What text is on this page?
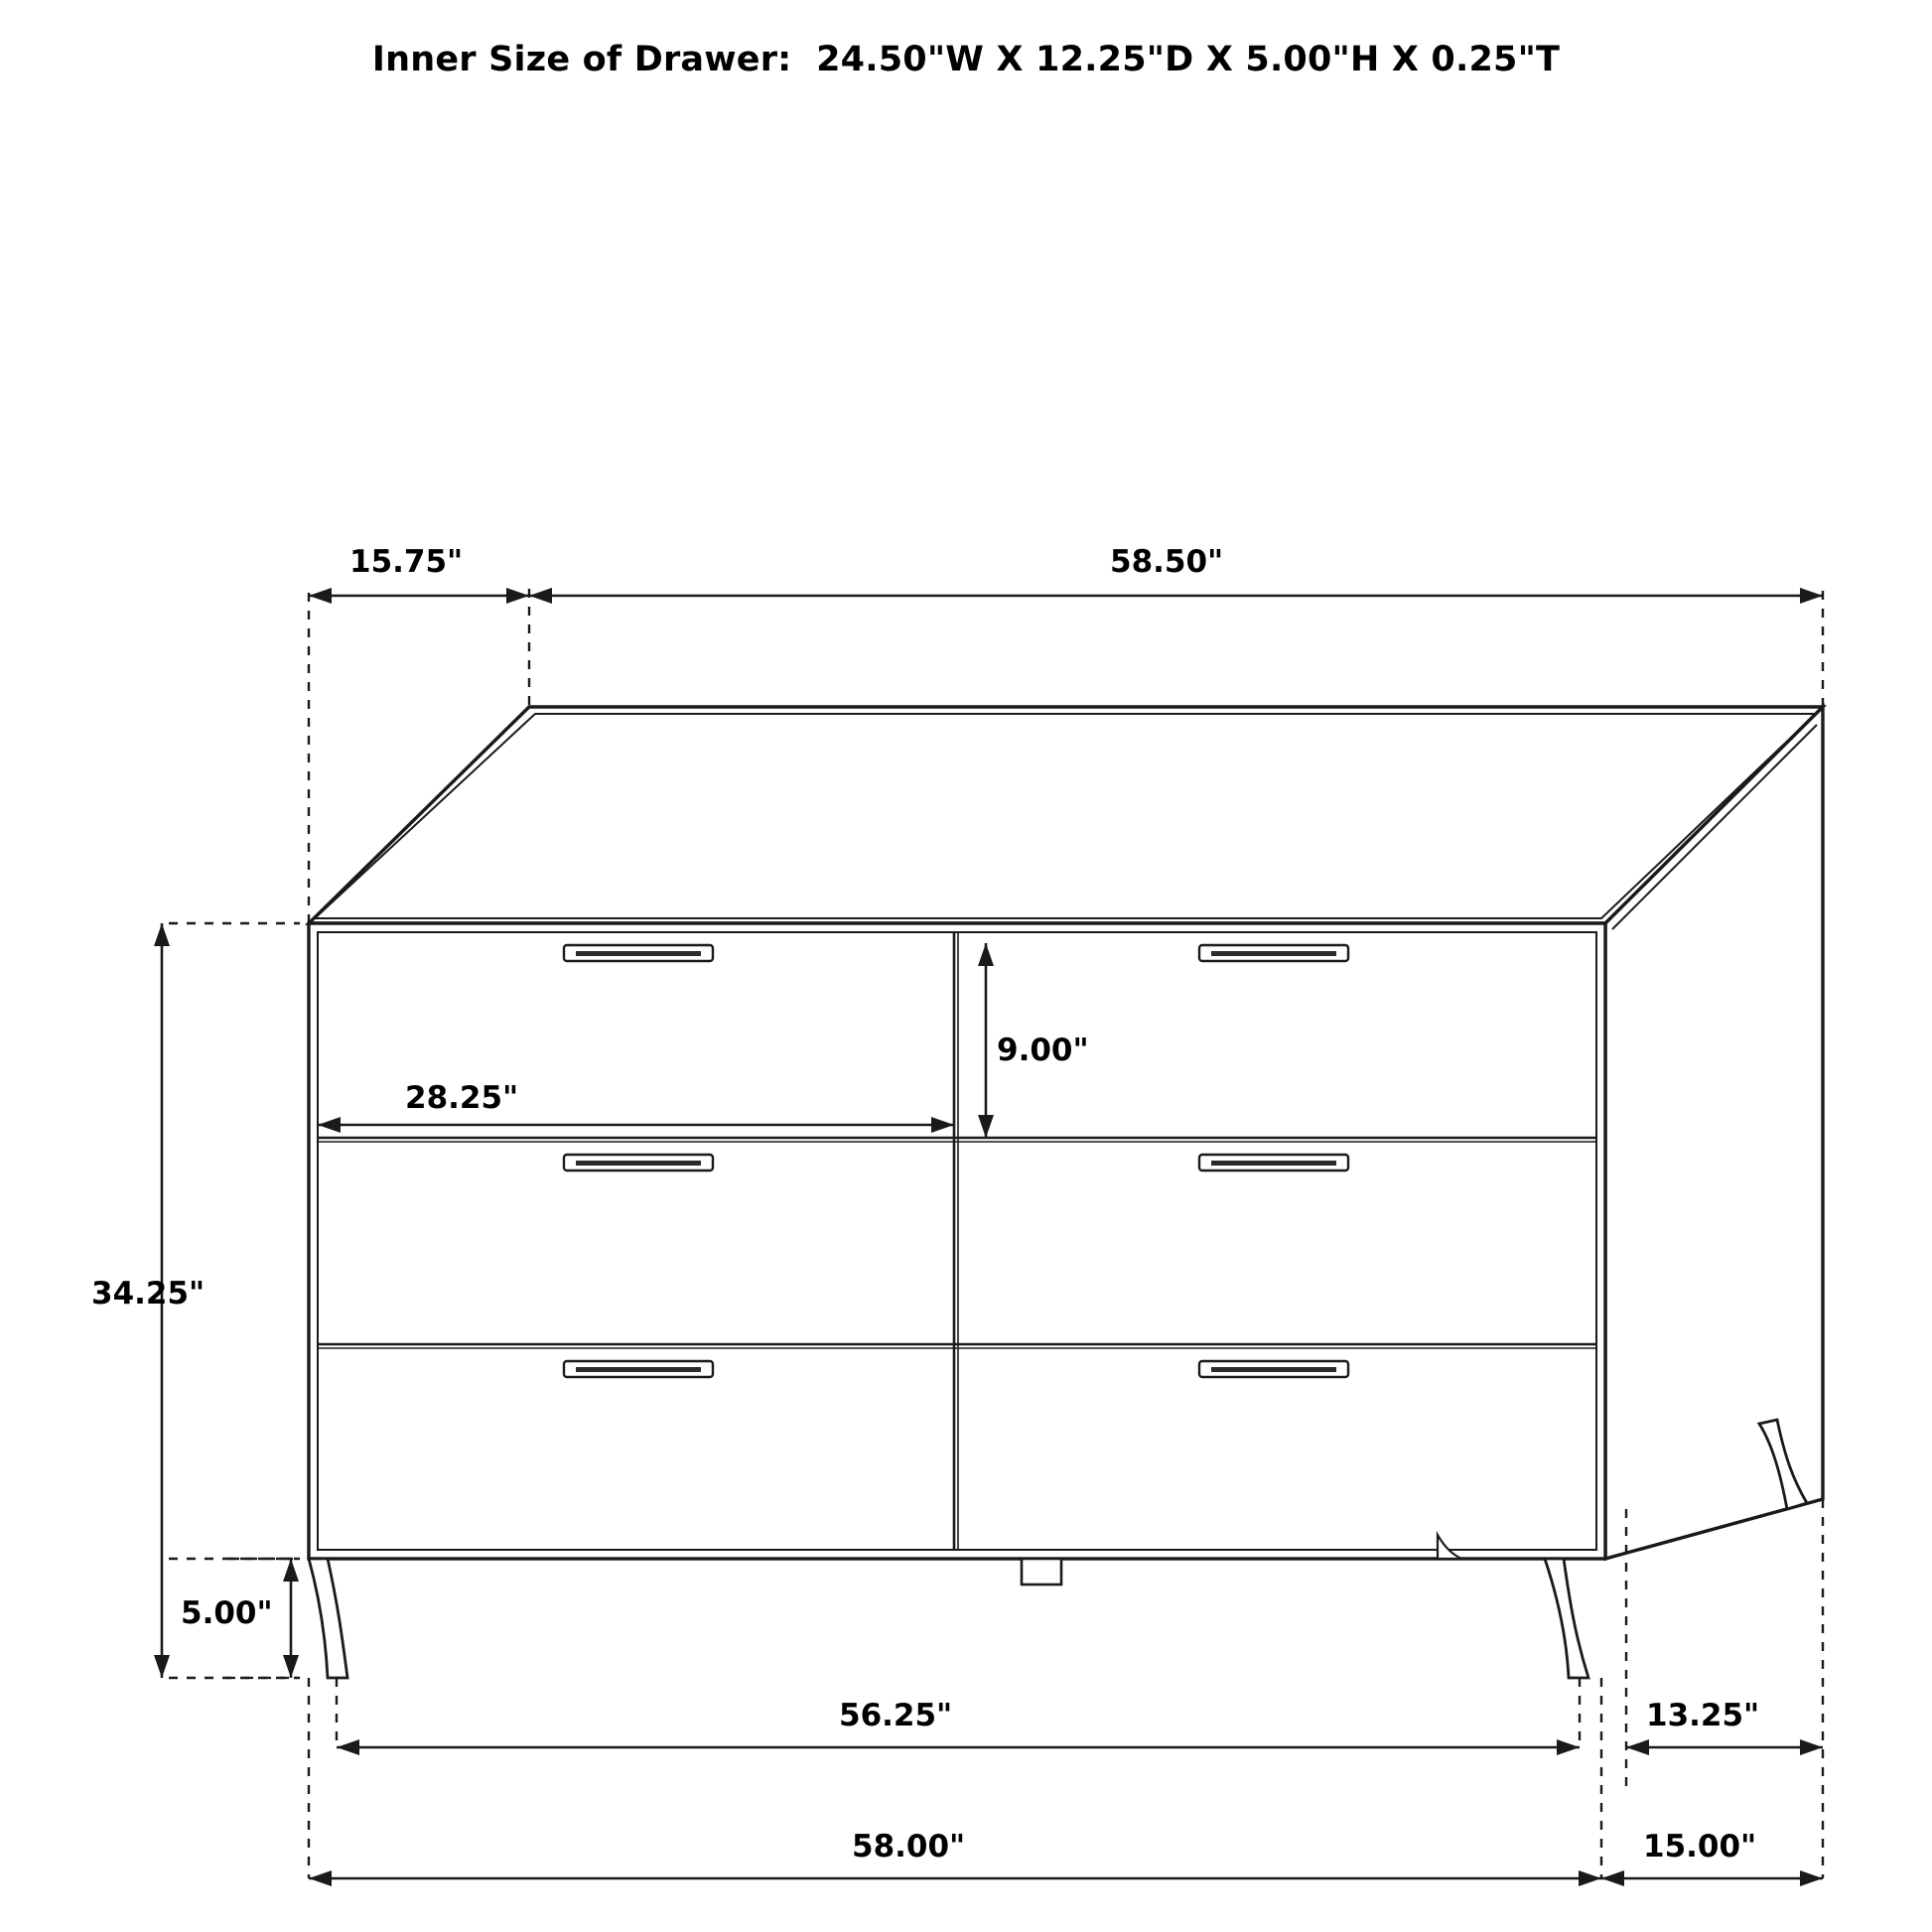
Inner Size of Drawer:  24.50"W X 12.25"D X 5.00"H X 0.25"T
15.75"	58.50"
9.00"
28.25"
34.25"
5.00"
56.25"	13.25"
58.00"	15.00"
